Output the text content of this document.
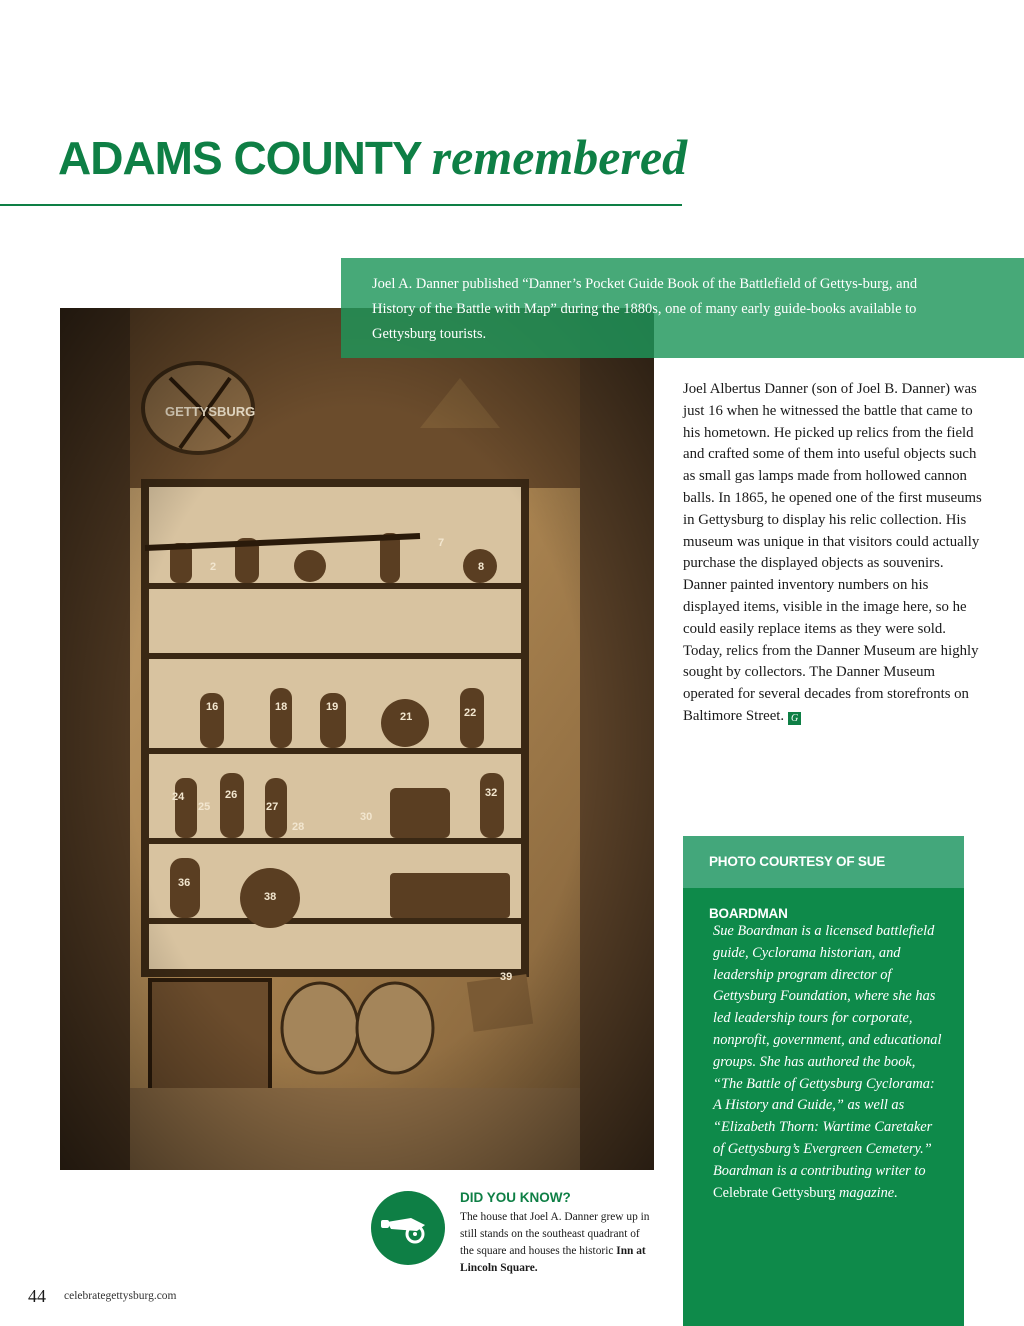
ADAMS COUNTY remembered
Joel A. Danner published “Danner’s Pocket Guide Book of the Battlefield of Gettys-burg, and History of the Battle with Map” during the 1880s, one of many early guide-books available to Gettysburg tourists.
Joel Albertus Danner (son of Joel B. Danner) was just 16 when he witnessed the battle that came to his hometown. He picked up relics from the field and crafted some of them into useful objects such as small gas lamps made from hollowed cannon balls. In 1865, he opened one of the first museums in Gettysburg to display his relic collection. His museum was unique in that visitors could actually purchase the displayed objects as souvenirs. Danner painted inventory numbers on his displayed items, visible in the image here, so he could easily replace items as they were sold. Today, relics from the Danner Museum are highly sought by collectors. The Danner Museum operated for several decades from storefronts on Baltimore Street. G
PHOTO COURTESY OF SUE BOARDMAN
Sue Boardman is a licensed battlefield guide, Cyclorama historian, and leadership program director of Gettysburg Foundation, where she has led leadership tours for corporate, nonprofit, government, and educational groups. She has authored the book, “The Battle of Gettysburg Cyclorama: A History and Guide,” as well as “Elizabeth Thorn: Wartime Caretaker of Gettysburg’s Evergreen Cemetery.” Boardman is a contributing writer to Celebrate Gettysburg magazine.
DID YOU KNOW?
The house that Joel A. Danner grew up in still stands on the southeast quadrant of the square and houses the historic Inn at Lincoln Square.
44 celebrategettysburg.com
